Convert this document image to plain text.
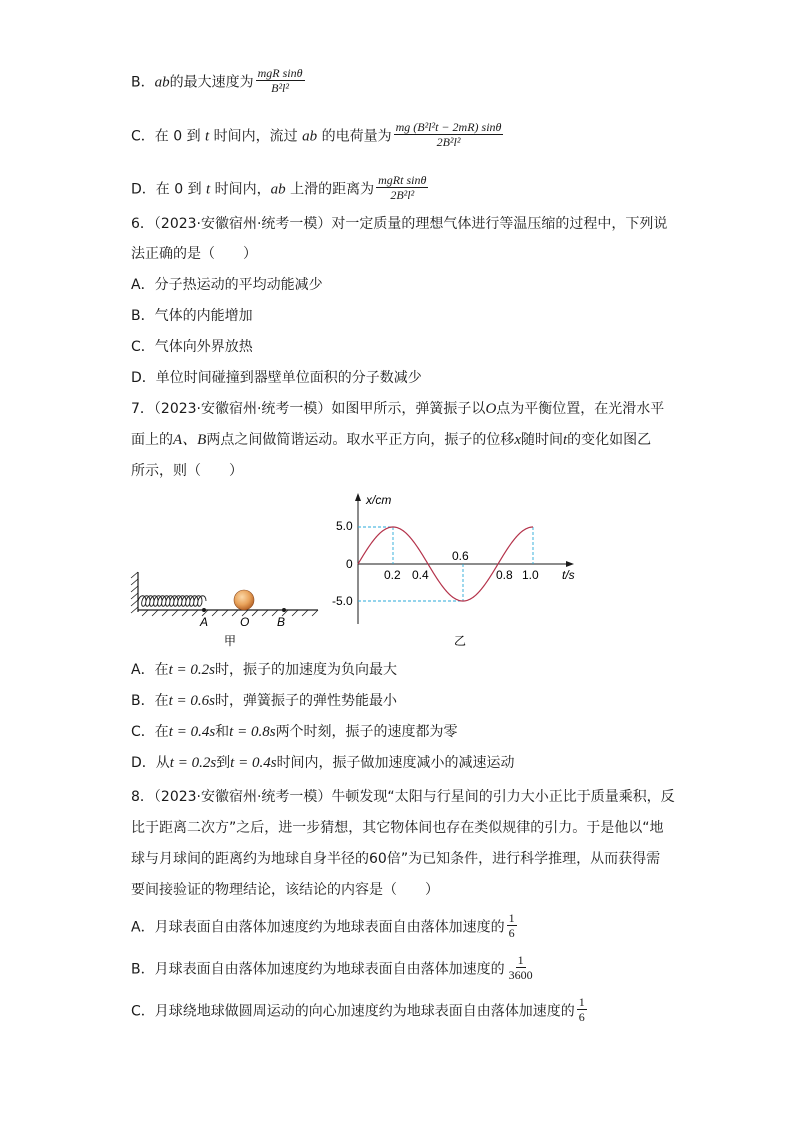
B．ab的最大速度为 $\frac{\text{mgR sinθ}}{\text{B²l²}}$
C．在 0 到 t 时间内，流过 ab 的电荷量为 $\frac{\text{mg (B²l²t − 2mR) sinθ}}{\text{2B²l²}}$
D．在 0 到 t 时间内，ab 上滑的距离为 $\frac{\text{mgRt sinθ}}{\text{2B²l²}}$
6．（2023·安徽宿州·统考一模）对一定质量的理想气体进行等温压缩的过程中，下列说
法正确的是（　　）
A．分子热运动的平均动能减少
B．气体的内能增加
C．气体向外界放热
D．单位时间碰撞到器壁单位面积的分子数减少
7．（2023·安徽宿州·统考一模）如图甲所示，弹簧振子以O点为平衡位置，在光滑水平
面上的A、B两点之间做简谐运动。取水平正方向，振子的位移x随时间t的变化如图乙
所示，则（　　）
A	O B
甲
x/cm
t/s
5.0
0
-5.0
0.2 0.4
0.6
0.8 1.0
乙
A．在t = 0.2s时，振子的加速度为负向最大
B．在t = 0.6s时，弹簧振子的弹性势能最小
C．在t = 0.4s和t = 0.8s两个时刻，振子的速度都为零
D．从t = 0.2s到t = 0.4s时间内，振子做加速度减小的减速运动
8．（2023·安徽宿州·统考一模）牛顿发现“太阳与行星间的引力大小正比于质量乘积，反
比于距离二次方”之后，进一步猜想，其它物体间也存在类似规律的引力。于是他以“地
球与月球间的距离约为地球自身半径的60倍”为已知条件，进行科学推理，从而获得需
要间接验证的物理结论，该结论的内容是（　　）
A．月球表面自由落体加速度约为地球表面自由落体加速度的 $\frac{1}{6}$
B．月球表面自由落体加速度约为地球表面自由落体加速度的 $\frac{1}{3600}$
C．月球绕地球做圆周运动的向心加速度约为地球表面自由落体加速度的 $\frac{1}{6}$
